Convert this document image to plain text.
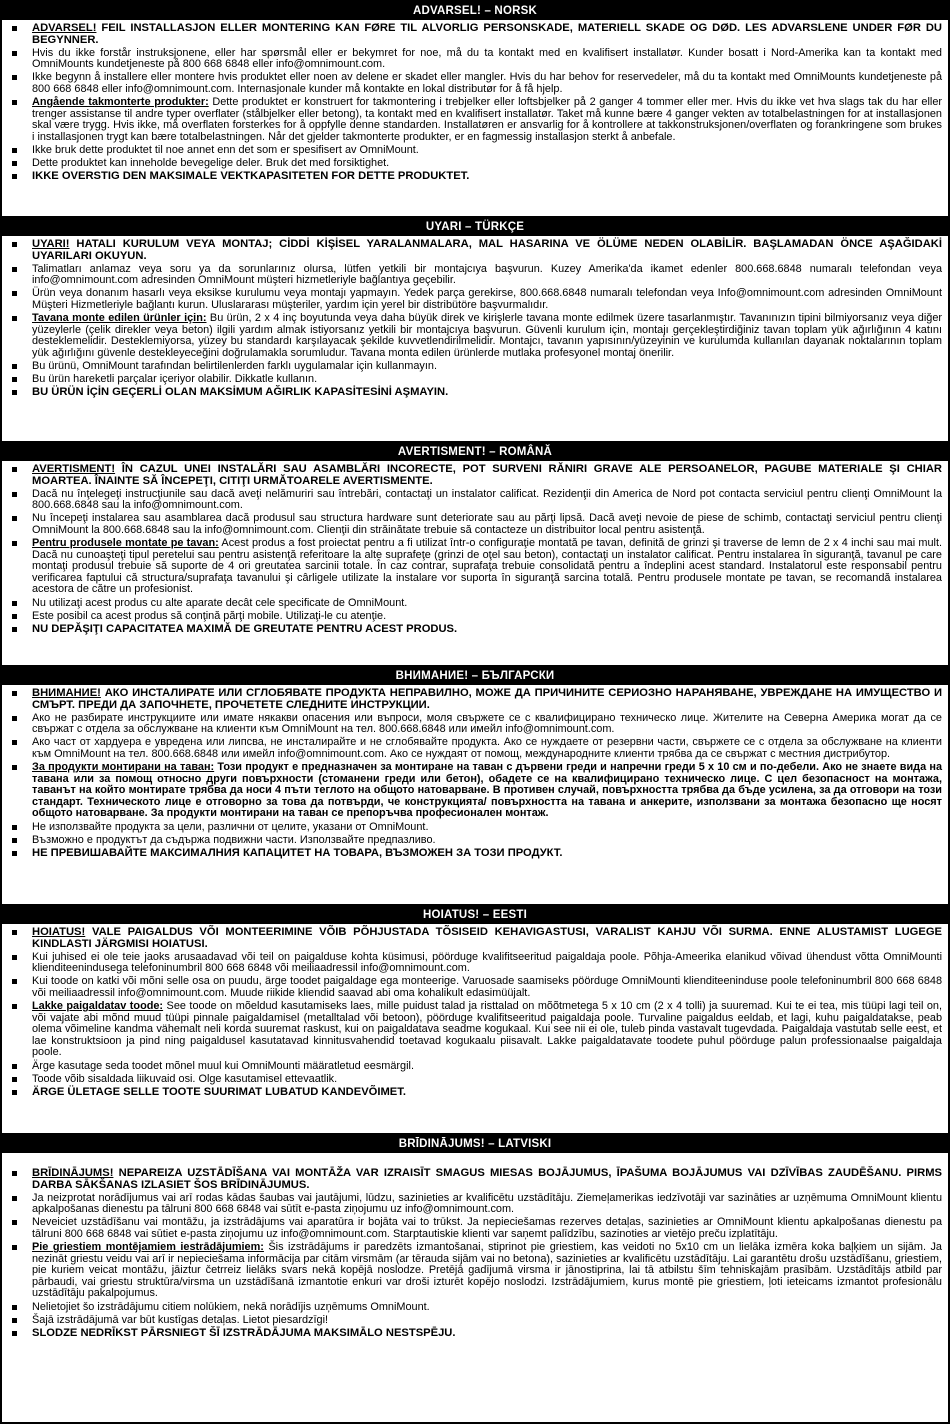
ADVARSEL! – NORSK
ADVARSEL! FEIL INSTALLASJON ELLER MONTERING KAN FØRE TIL ALVORLIG PERSONSKADE, MATERIELL SKADE OG DØD. LES ADVARSLENE UNDER FØR DU BEGYNNER.
Hvis du ikke forstår instruksjonene, eller har spørsmål eller er bekymret for noe, må du ta kontakt med en kvalifisert installatør. Kunder bosatt i Nord-Amerika kan ta kontakt med OmniMounts kundetjeneste på 800 668 6848 eller info@omnimount.com.
Ikke begynn å installere eller montere hvis produktet eller noen av delene er skadet eller mangler. Hvis du har behov for reservedeler, må du ta kontakt med OmniMounts kundetjeneste på 800 668 6848 eller info@omnimount.com. Internasjonale kunder må kontakte en lokal distributør for å få hjelp.
Angående takmonterte produkter: Dette produktet er konstruert for takmontering i trebjelker eller loftsbjelker på 2 ganger 4 tommer eller mer. Hvis du ikke vet hva slags tak du har eller trenger assistanse til andre typer overflater (stålbjelker eller betong), ta kontakt med en kvalifisert installatør. Taket må kunne bære 4 ganger vekten av totalbelastningen for at installasjonen skal være trygg. Hvis ikke, må overflaten forsterkes for å oppfylle denne standarden. Installatøren er ansvarlig for å kontrollere at takkonstruksjonen/overflaten og forankringene som brukes i installasjonen trygt kan bære totalbelastningen. Når det gjelder takmonterte produkter, er en fagmessig installasjon sterkt å anbefale.
Ikke bruk dette produktet til noe annet enn det som er spesifisert av OmniMount.
Dette produktet kan inneholde bevegelige deler. Bruk det med forsiktighet.
IKKE OVERSTIG DEN MAKSIMALE VEKTKAPASITETEN FOR DETTE PRODUKTET.
UYARI – TÜRKÇE
UYARI! HATALI KURULUM VEYA MONTAJ; CİDDİ KİŞİSEL YARALANMALARA, MAL HASARINA VE ÖLÜME NEDEN OLABİLİR. BAŞLAMADAN ÖNCE AŞAĞIDAKİ UYARILARI OKUYUN.
Talimatları anlamaz veya soru ya da sorunlarınız olursa, lütfen yetkili bir montajcıya başvurun. Kuzey Amerika'da ikamet edenler 800.668.6848 numaralı telefondan veya info@omnimount.com adresinden OmniMount müşteri hizmetleriyle bağlantıya geçebilir.
Ürün veya donanım hasarlı veya eksikse kurulumu veya montajı yapmayın. Yedek parça gerekirse, 800.668.6848 numaralı telefondan veya Info@omnimount.com adresinden OmniMount Müşteri Hizmetleriyle bağlantı kurun. Uluslararası müşteriler, yardım için yerel bir distribütöre başvurmalıdır.
Tavana monte edilen ürünler için: Bu ürün, 2 x 4 inç boyutunda veya daha büyük direk ve kirişlerle tavana monte edilmek üzere tasarlanmıştır. Tavanınızın tipini bilmiyorsanız veya diğer yüzeylerle (çelik direkler veya beton) ilgili yardım almak istiyorsanız yetkili bir montajcıya başvurun. Güvenli kurulum için, montajı gerçekleştirdiğiniz tavan toplam yük ağırlığının 4 katını desteklemelidir. Desteklemiyorsa, yüzey bu standardı karşılayacak şekilde kuvvetlendirilmelidir. Montajcı, tavanın yapısının/yüzeyinin ve kurulumda kullanılan dayanak noktalarının toplam yük ağırlığını güvenle destekleyeceğini doğrulamakla sorumludur. Tavana monta edilen ürünlerde mutlaka profesyonel montaj önerilir.
Bu ürünü, OmniMount tarafından belirtilenlerden farklı uygulamalar için kullanmayın.
Bu ürün hareketli parçalar içeriyor olabilir. Dikkatle kullanın.
BU ÜRÜN İÇİN GEÇERLİ OLAN MAKSİMUM AĞIRLIK KAPASİTESİNİ AŞMAYIN.
AVERTISMENT! – ROMÂNĂ
AVERTISMENT! ÎN CAZUL UNEI INSTALĂRI SAU ASAMBLĂRI INCORECTE, POT SURVENI RĂNIRI GRAVE ALE PERSOANELOR, PAGUBE MATERIALE ŞI CHIAR MOARTEA. ÎNAINTE SĂ ÎNCEPEŢI, CITIŢI URMĂTOARELE AVERTISMENTE.
Dacă nu înţelegeţi instrucţiunile sau dacă aveţi nelămuriri sau întrebări, contactaţi un instalator calificat. Rezidenţii din America de Nord pot contacta serviciul pentru clienţi OmniMount la 800.668.6848 sau la info@omnimount.com.
Nu începeţi instalarea sau asamblarea dacă produsul sau structura hardware sunt deteriorate sau au părţi lipsă. Dacă aveţi nevoie de piese de schimb, contactaţi serviciul pentru clienţi OmniMount la 800.668.6848 sau la info@omnimount.com. Clienţii din străinătate trebuie să contacteze un distribuitor local pentru asistenţă.
Pentru produsele montate pe tavan: Acest produs a fost proiectat pentru a fi utilizat într-o configuraţie montată pe tavan, definită de grinzi şi traverse de lemn de 2 x 4 inchi sau mai mult. Dacă nu cunoaşteţi tipul peretelui sau pentru asistenţă referitoare la alte suprafeţe (grinzi de oţel sau beton), contactaţi un instalator calificat. Pentru instalarea în siguranţă, tavanul pe care montaţi produsul trebuie să suporte de 4 ori greutatea sarcinii totale. În caz contrar, suprafaţa trebuie consolidată pentru a îndeplini acest standard. Instalatorul este responsabil pentru verificarea faptului că structura/suprafaţa tavanului şi cârligele utilizate la instalare vor suporta în siguranţă sarcina totală. Pentru produsele montate pe tavan, se recomandă instalarea acestora de către un profesionist.
Nu utilizaţi acest produs cu alte aparate decât cele specificate de OmniMount.
Este posibil ca acest produs să conţină părţi mobile. Utilizaţi-le cu atenţie.
NU DEPĂŞIŢI CAPACITATEA MAXIMĂ DE GREUTATE PENTRU ACEST PRODUS.
ВНИМАНИЕ! – БЪЛГАРСКИ
ВНИМАНИЕ! АКО ИНСТАЛИРАТЕ ИЛИ СГЛОБЯВАТЕ ПРОДУКТА НЕПРАВИЛНО, МОЖЕ ДА ПРИЧИНИТЕ СЕРИОЗНО НАРАНЯВАНЕ, УВРЕЖДАНЕ НА ИМУЩЕСТВО И СМЪРТ. ПРЕДИ ДА ЗАПОЧНЕТЕ, ПРОЧЕТЕТЕ СЛЕДНИТЕ ИНСТРУКЦИИ.
Ако не разбирате инструкциите или имате някакви опасения или въпроси, моля свържете се с квалифицирано техническо лице. Жителите на Северна Америка могат да се свържат с отдела за обслужване на клиенти към OmniMount на тел. 800.668.6848 или имейл info@omnimount.com.
Ако част от хардуера е увредена или липсва, не инсталирайте и не сглобявайте продукта. Ако се нуждаете от резервни части, свържете се с отдела за обслужване на клиенти към OmniMount на тел. 800.668.6848 или имейл info@omnimount.com. Ако се нуждаят от помощ, международните клиенти трябва да се свържат с местния дистрибутор.
За продукти монтирани на таван: Този продукт е предназначен за монтиране на таван с дървени греди и напречни греди 5 х 10 см и по-дебели. Ако не знаете вида на тавана или за помощ относно други повърхности (стоманени греди или бетон), обадете се на квалифицирано техническо лице. С цел безопасност на монтажа, таванът на който монтирате трябва да носи 4 пъти теглото на общото натоварване. В противен случай, повърхността трябва да бъде усилена, за да отговори на този стандарт. Техническото лице е отговорно за това да потвърди, че конструкцията/ повърхността на тавана и анкерите, използвани за монтажа безопасно ще носят общото натоварване. За продукти монтирани на таван се препоръчва професионален монтаж.
Не използвайте продукта за цели, различни от целите, указани от OmniMount.
Възможно е продуктът да съдържа подвижни части. Използвайте предпазливо.
НЕ ПРЕВИШАВАЙТЕ МАКСИМАЛНИЯ КАПАЦИТЕТ НА ТОВАРА, ВЪЗМОЖЕН ЗА ТОЗИ ПРОДУКТ.
HOIATUS! – EESTI
HOIATUS! VALE PAIGALDUS VÕI MONTEERIMINE VÕIB PÕHJUSTADA TÕSISEID KEHAVIGASTUSI, VARALIST KAHJU VÕI SURMA. ENNE ALUSTAMIST LUGEGE KINDLASTI JÄRGMISI HOIATUSI.
Kui juhised ei ole teie jaoks arusaadavad või teil on paigalduse kohta küsimusi, pöörduge kvalifitseeritud paigaldaja poole. Põhja-Ameerika elanikud võivad ühendust võtta OmniMounti klienditeenindusega telefoninumbril 800 668 6848 või meiliaadressil info@omnimount.com.
Kui toode on katki või mõni selle osa on puudu, ärge toodet paigaldage ega monteerige. Varuosade saamiseks pöörduge OmniMounti klienditeeninduse poole telefoninumbril 800 668 6848 või meiliaadressil info@omnimount.com. Muude riikide kliendid saavad abi oma kohalikult edasimüüjalt.
Lakke paigaldatav toode: See toode on mõeldud kasutamiseks laes, mille puidust talad ja risttalad on mõõtmetega 5 x 10 cm (2 x 4 tolli) ja suuremad. Kui te ei tea, mis tüüpi lagi teil on, või vajate abi mõnd muud tüüpi pinnale paigaldamisel (metalltalad või betoon), pöörduge kvalifitseeritud paigaldaja poole. Turvaline paigaldus eeldab, et lagi, kuhu paigaldatakse, peab olema võimeline kandma vähemalt neli korda suuremat raskust, kui on paigaldatava seadme kogukaal. Kui see nii ei ole, tuleb pinda vastavalt tugevdada. Paigaldaja vastutab selle eest, et lae konstruktsioon ja pind ning paigaldusel kasutatavad kinnitusvahendid toetavad kogukaalu piisavalt. Lakke paigaldatavate toodete puhul pöörduge palun professionaalse paigaldaja poole.
Ärge kasutage seda toodet mõnel muul kui OmniMounti määratletud eesmärgil.
Toode võib sisaldada liikuvaid osi. Olge kasutamisel ettevaatlik.
ÄRGE ÜLETAGE SELLE TOOTE SUURIMAT LUBATUD KANDEVÕIMET.
BRĪDINĀJUMS! – LATVISKI
BRĪDINĀJUMS! NEPAREIZA UZSTĀDĪŠANA VAI MONTĀŽA VAR IZRAISĪT SMAGUS MIESAS BOJĀJUMUS, ĪPAŠUMA BOJĀJUMUS VAI DZĪVĪBAS ZAUDĒŠANU. PIRMS DARBA SĀKŠANAS IZLASIET ŠOS BRĪDINĀJUMUS.
Ja neizprotat norādījumus vai arī rodas kādas šaubas vai jautājumi, lūdzu, sazinieties ar kvalificētu uzstādītāju. Ziemeļamerikas iedzīvotāji var sazināties ar uzņēmuma OmniMount klientu apkalpošanas dienestu pa tālruni 800 668 6848 vai sūtīt e-pasta ziņojumu uz info@omnimount.com.
Neveiciet uzstādīšanu vai montāžu, ja izstrādājums vai aparatūra ir bojāta vai to trūkst. Ja nepieciešamas rezerves detaļas, sazinieties ar OmniMount klientu apkalpošanas dienestu pa tālruni 800 668 6848 vai sūtiet e-pasta ziņojumu uz info@omnimount.com. Starptautiskie klienti var saņemt palīdzību, sazinoties ar vietējo preču izplatītāju.
Pie griestiem montējamiem iestrādājumiem: Šis izstrādājums ir paredzēts izmantošanai, stiprinot pie griestiem, kas veidoti no 5x10 cm un lielāka izmēra koka baļķiem un sijām. Ja nezināt griestu veidu vai arī ir nepieciešama informācija par citām virsmām (ar tēraudа sijām vai no betona), sazinieties ar kvalificētu uzstādītāju. Lai garantētu drošu uzstādīšanu, griestiem, pie kuriem veicat montāžu, jāiztur četrreiz lielāks svars nekā kopējā noslodze. Pretējā gadījumā virsma ir jānostiprina, lai tā atbilstu šīm tehniskajām prasībām. Uzstādītājs atbild par pārbaudi, vai griestu struktūra/virsma un uzstādīšanā izmantotie enkuri var droši izturēt kopējo noslodzi. Izstrādājumiem, kurus montē pie griestiem, ļoti ieteicams izmantot profesionālu uzstādītāju pakalpojumus.
Nelietojiet šo izstrādājumu citiem nolūkiem, nekā norādījis uzņēmums OmniMount.
Šajā izstrādājumā var būt kustīgas detaļas. Lietot piesardzīgi!
SLODZE NEDRĪKST PĀRSNIEGT ŠĪ IZSTRĀDĀJUMA MAKSIMĀLO NESTSPĒJU.
